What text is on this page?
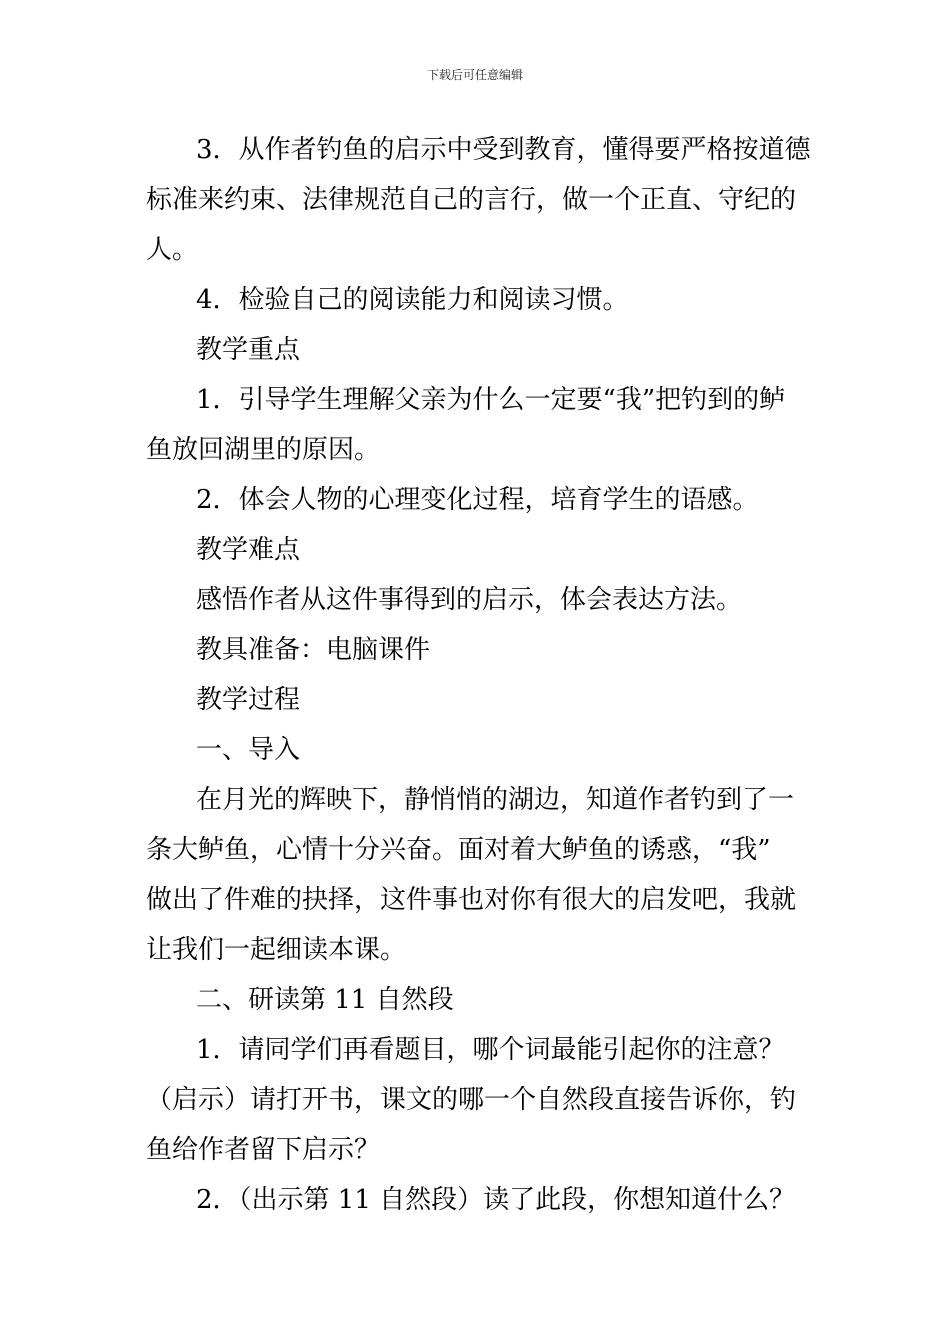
下载后可任意编辑
3．从作者钓鱼的启示中受到教育，懂得要严格按道德
标准来约束、法律规范自己的言行，做一个正直、守纪的
人。
4．检验自己的阅读能力和阅读习惯。
教学重点
1．引导学生理解父亲为什么一定要“我”把钓到的鲈
鱼放回湖里的原因。
2．体会人物的心理变化过程，培育学生的语感。
教学难点
感悟作者从这件事得到的启示，体会表达方法。
教具准备：电脑课件
教学过程
一、导入
在月光的辉映下，静悄悄的湖边，知道作者钓到了一
条大鲈鱼，心情十分兴奋。面对着大鲈鱼的诱惑，“我”
做出了件难的抉择，这件事也对你有很大的启发吧，我就
让我们一起细读本课。
二、研读第 11 自然段
1．请同学们再看题目，哪个词最能引起你的注意？
（启示）请打开书，课文的哪一个自然段直接告诉你，钓
鱼给作者留下启示？
2．（出示第 11 自然段）读了此段，你想知道什么？
